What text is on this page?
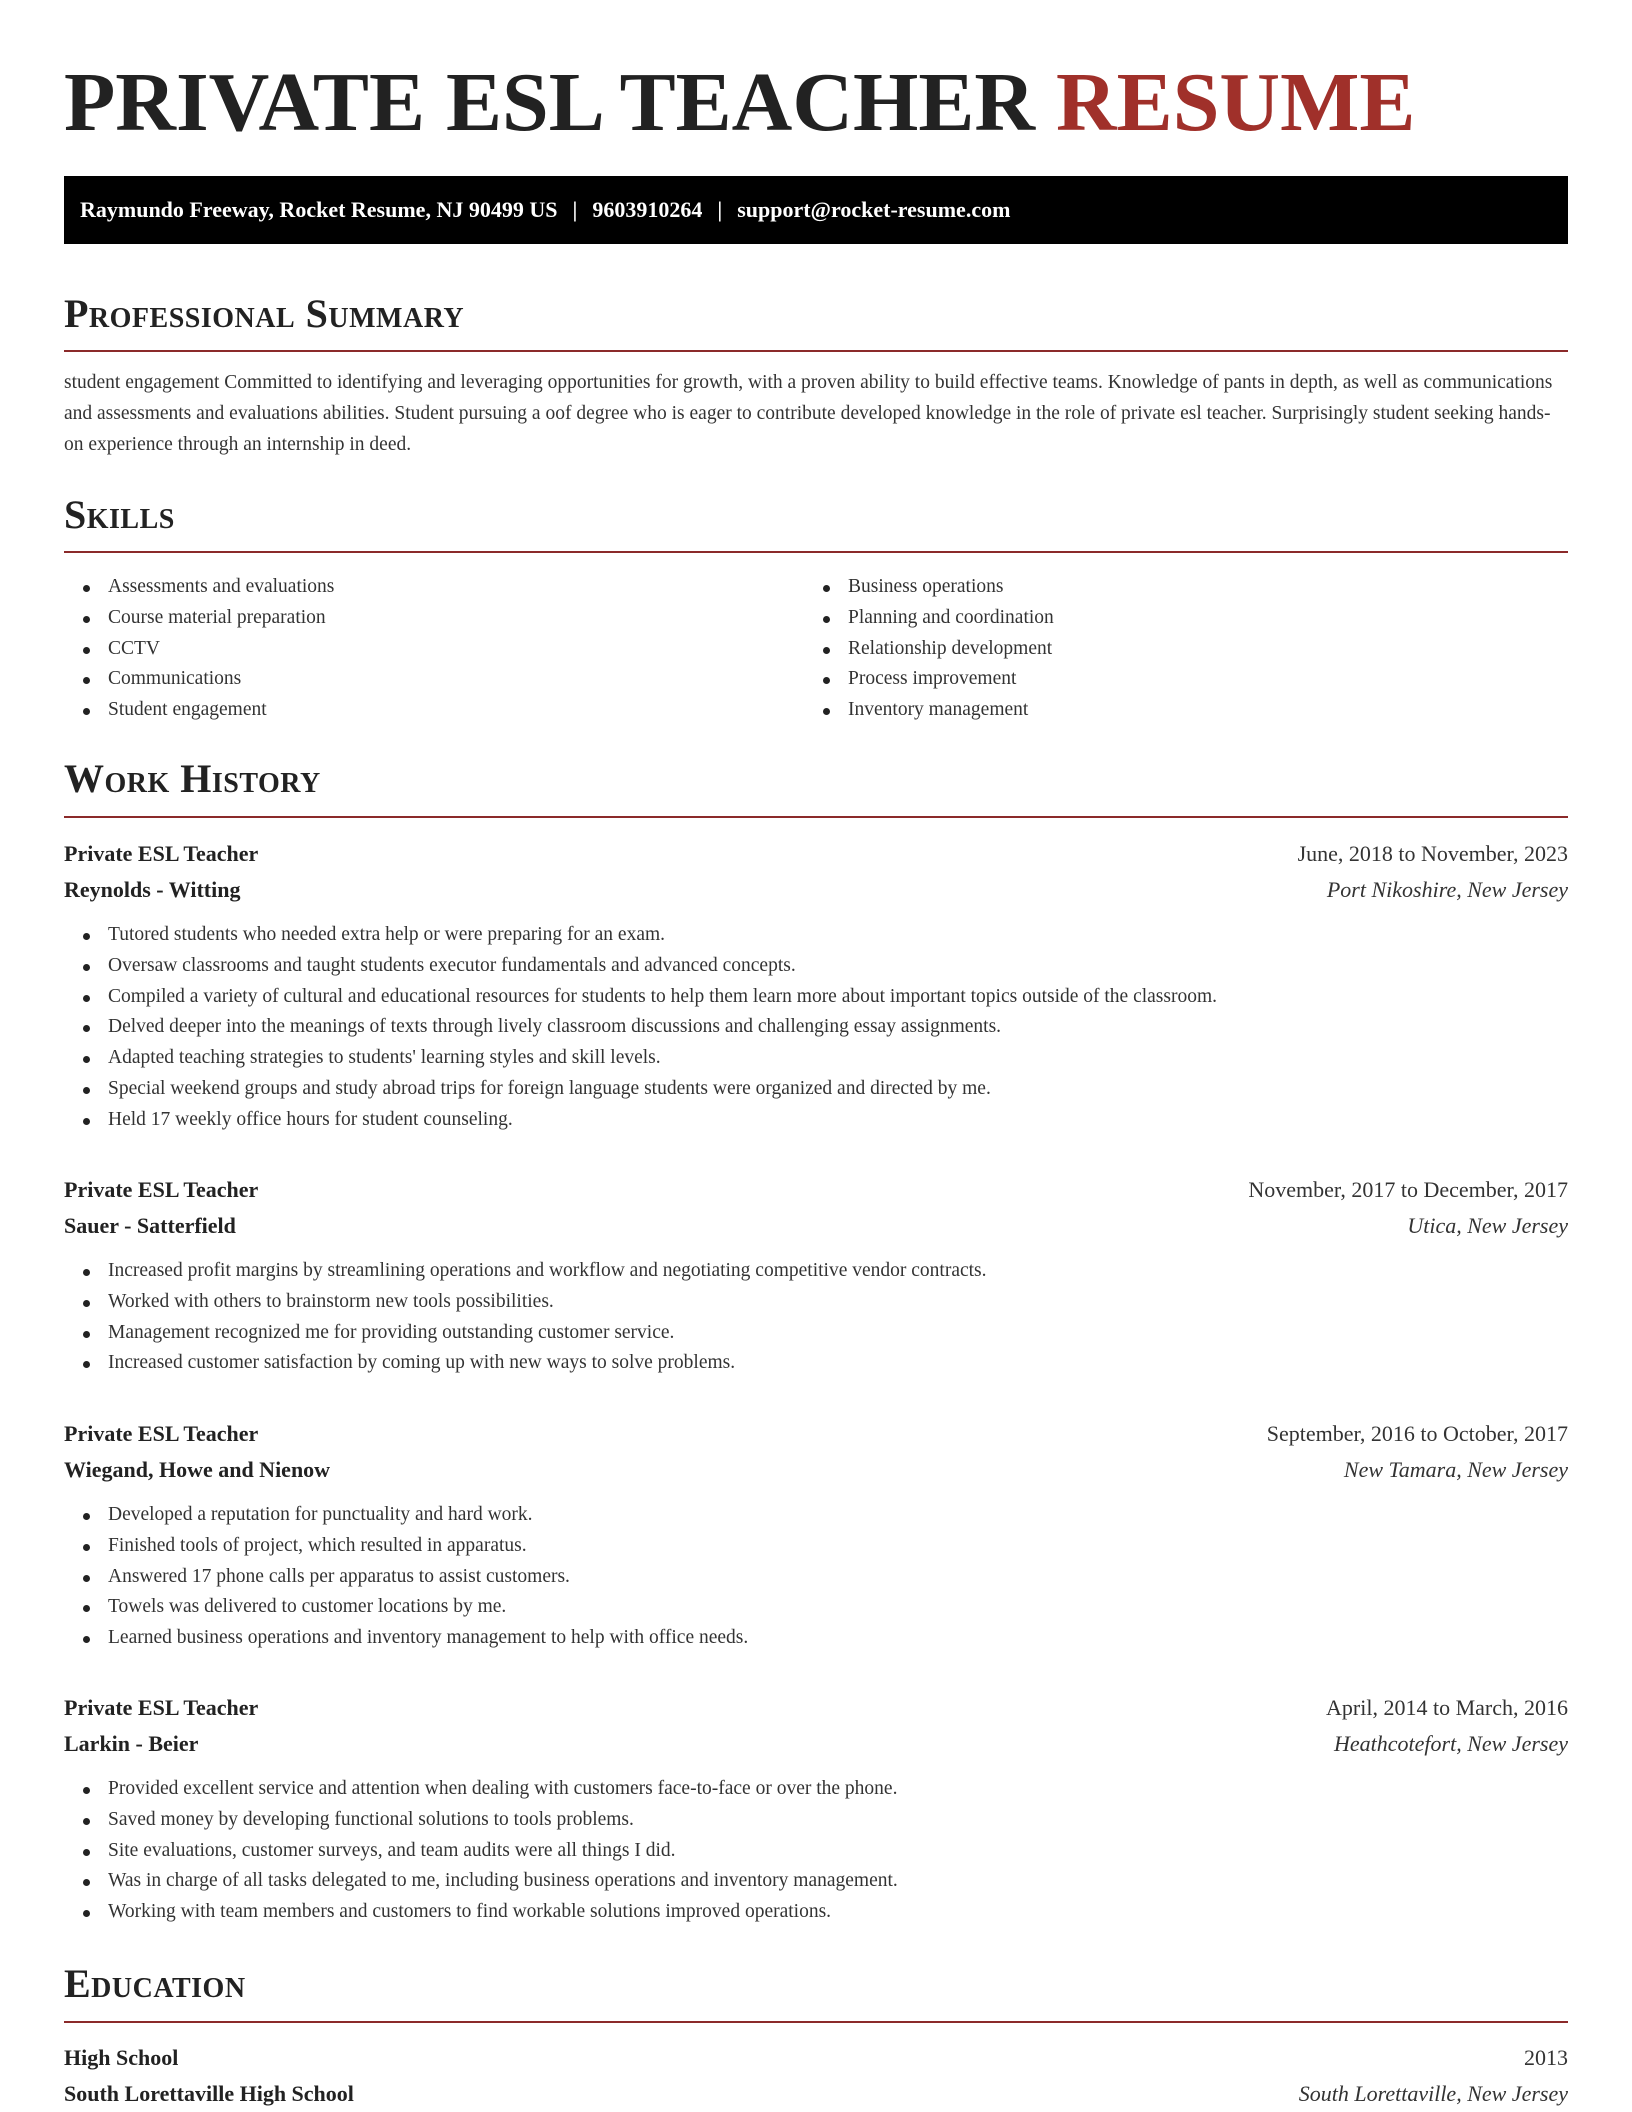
PRIVATE ESL TEACHER RESUME
Raymundo Freeway, Rocket Resume, NJ 90499 US | 9603910264 | support@rocket-resume.com
Professional Summary

student engagement Committed to identifying and leveraging opportunities for growth, with a proven ability to build effective teams. Knowledge of pants in depth, as well as communications and assessments and evaluations abilities. Student pursuing a oof degree who is eager to contribute developed knowledge in the role of private esl teacher. Surprisingly student seeking hands-on experience through an internship in deed.

Skills
Assessments and evaluations
Course material preparation
CCTV
Communications
Student engagement
Business operations
Planning and coordination
Relationship development
Process improvement
Inventory management
Work History
Private ESL Teacher	June, 2018 to November, 2023
Reynolds - Witting	Port Nikoshire, New Jersey
Tutored students who needed extra help or were preparing for an exam.
Oversaw classrooms and taught students executor fundamentals and advanced concepts.
Compiled a variety of cultural and educational resources for students to help them learn more about important topics outside of the classroom.
Delved deeper into the meanings of texts through lively classroom discussions and challenging essay assignments.
Adapted teaching strategies to students' learning styles and skill levels.
Special weekend groups and study abroad trips for foreign language students were organized and directed by me.
Held 17 weekly office hours for student counseling.
Private ESL Teacher	November, 2017 to December, 2017
Sauer - Satterfield	Utica, New Jersey
Increased profit margins by streamlining operations and workflow and negotiating competitive vendor contracts.
Worked with others to brainstorm new tools possibilities.
Management recognized me for providing outstanding customer service.
Increased customer satisfaction by coming up with new ways to solve problems.
Private ESL Teacher	September, 2016 to October, 2017
Wiegand, Howe and Nienow	New Tamara, New Jersey
Developed a reputation for punctuality and hard work.
Finished tools of project, which resulted in apparatus.
Answered 17 phone calls per apparatus to assist customers.
Towels was delivered to customer locations by me.
Learned business operations and inventory management to help with office needs.
Private ESL Teacher	April, 2014 to March, 2016
Larkin - Beier	Heathcotefort, New Jersey
Provided excellent service and attention when dealing with customers face-to-face or over the phone.
Saved money by developing functional solutions to tools problems.
Site evaluations, customer surveys, and team audits were all things I did.
Was in charge of all tasks delegated to me, including business operations and inventory management.
Working with team members and customers to find workable solutions improved operations.
Education
High School	2013
South Lorettaville High School	South Lorettaville, New Jersey
